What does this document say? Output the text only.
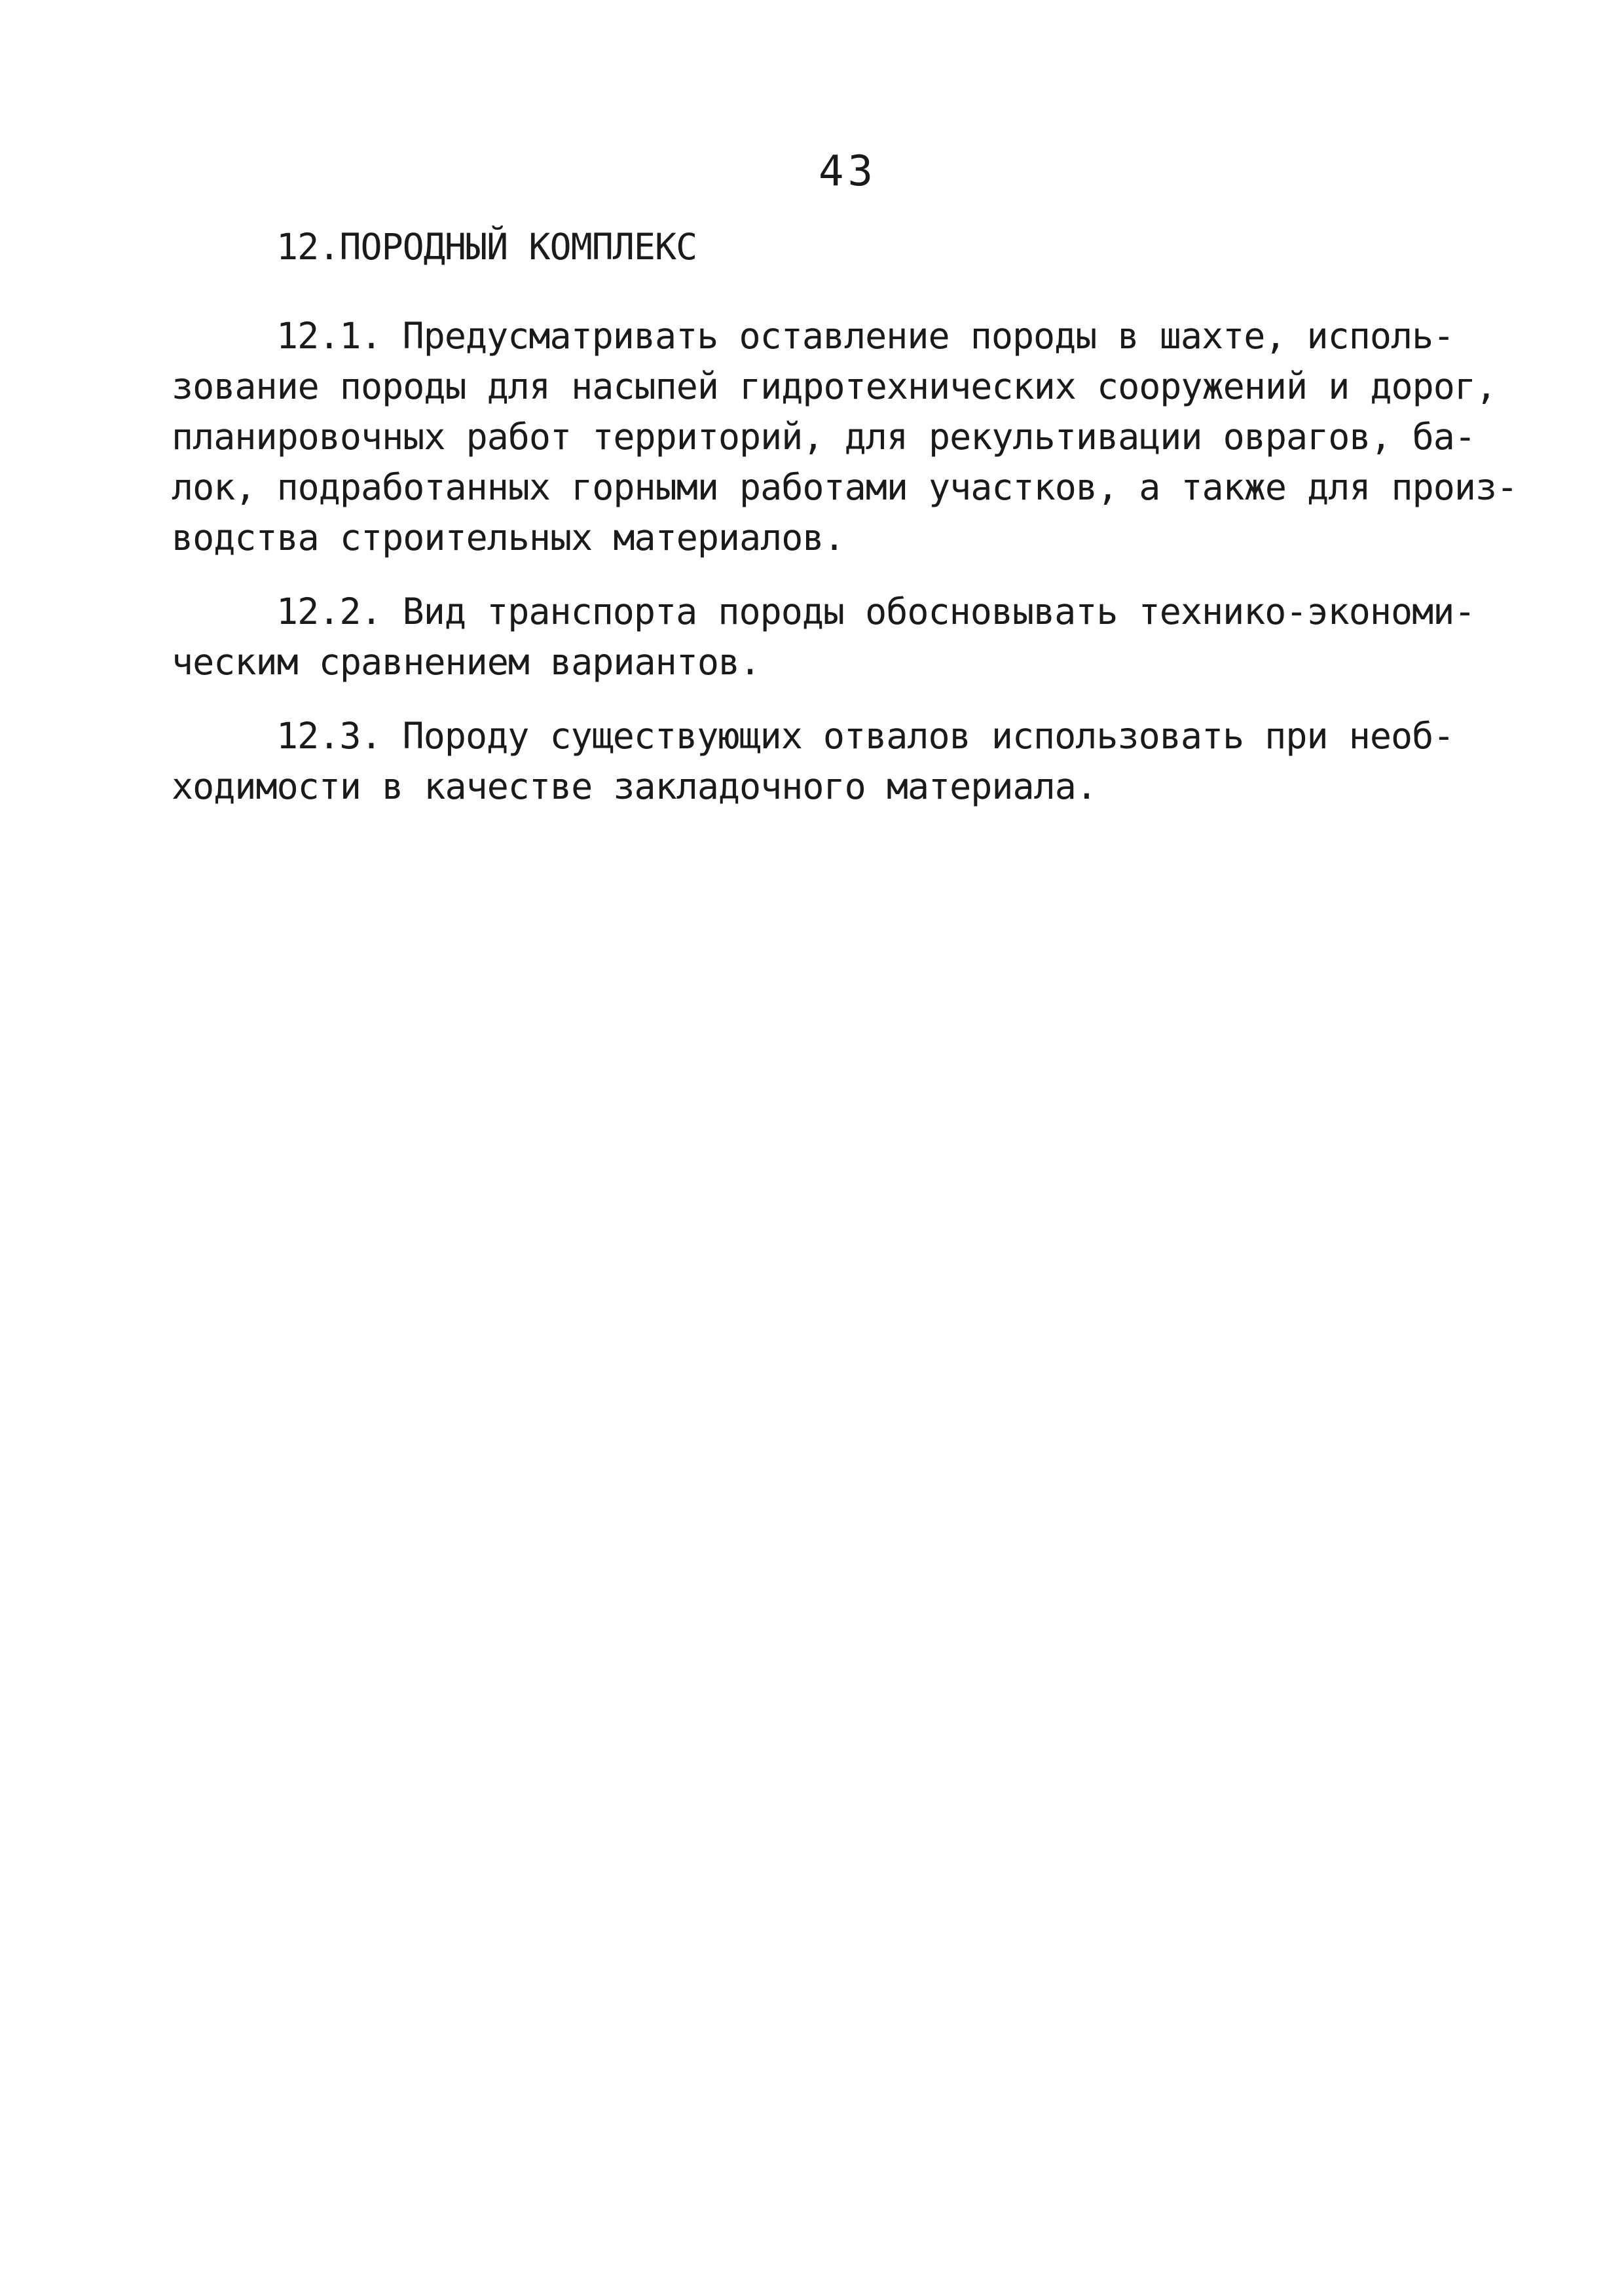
43
12.ПОРОДНЫЙ КОМПЛЕКС
12.1. Предусматривать оставление породы в шахте, исполь-
зование породы для насыпей гидротехнических сооружений и дорог,
планировочных работ территорий, для рекультивации оврагов, ба-
лок, подработанных горными работами участков, а также для произ-
водства строительных материалов.
12.2. Вид транспорта породы обосновывать технико-экономи-
ческим сравнением вариантов.
12.3. Породу существующих отвалов использовать при необ-
ходимости в качестве закладочного материала.
